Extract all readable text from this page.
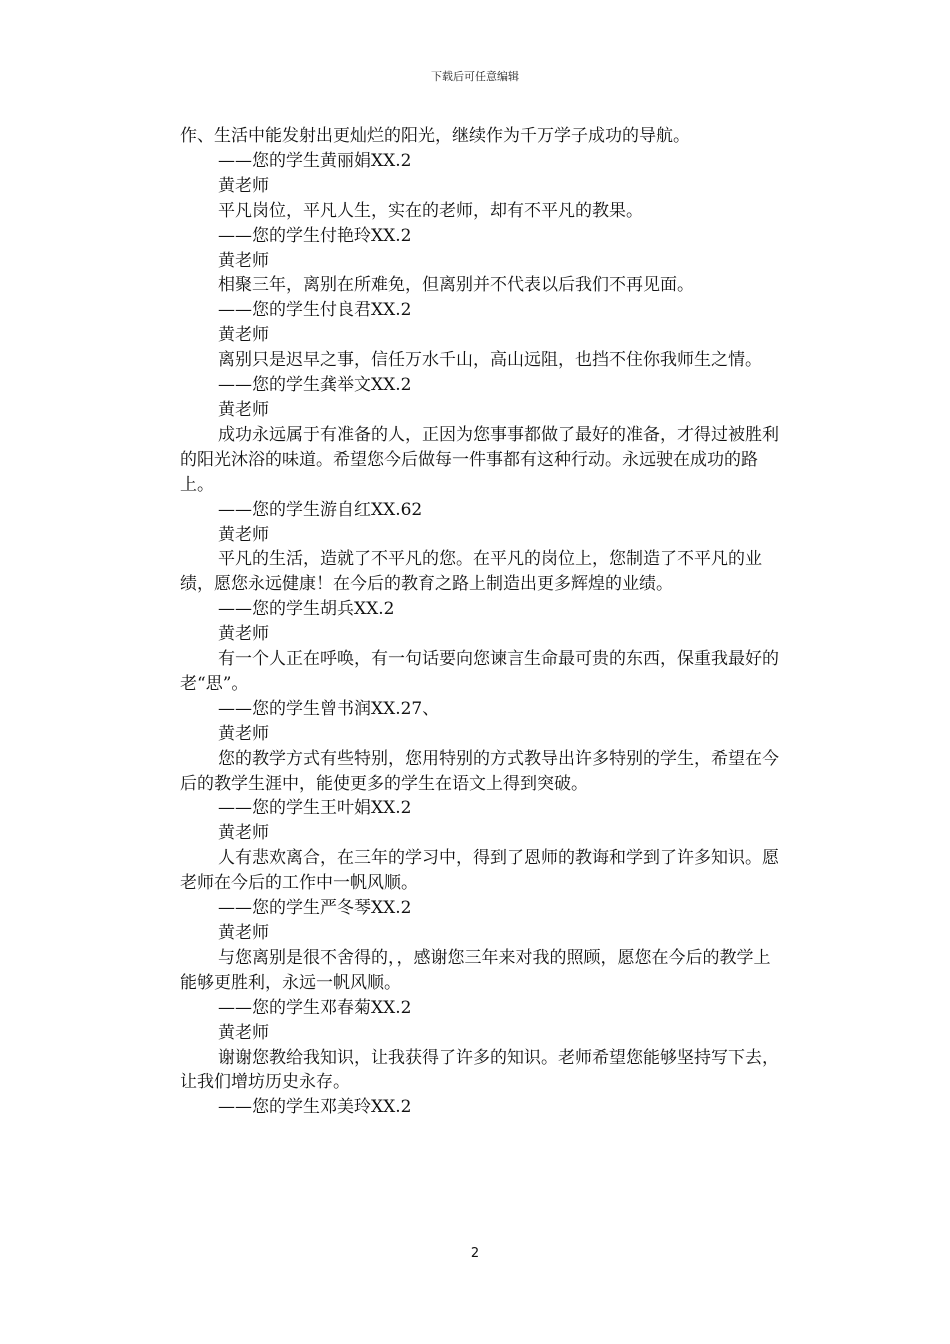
下载后可任意编辑

作、生活中能发射出更灿烂的阳光，继续作为千万学子成功的导航。

——您的学生黄丽娟XX.2

黄老师

平凡岗位，平凡人生，实在的老师，却有不平凡的教果。

——您的学生付艳玲XX.2

黄老师

相聚三年，离别在所难免，但离别并不代表以后我们不再见面。

——您的学生付良君XX.2

黄老师

离别只是迟早之事，信任万水千山，高山远阻，也挡不住你我师生之情。

——您的学生龚举文XX.2

黄老师

成功永远属于有准备的人，正因为您事事都做了最好的准备，才得过被胜利的阳光沐浴的味道。希望您今后做每一件事都有这种行动。永远驶在成功的路上。

——您的学生游自红XX.62

黄老师

平凡的生活，造就了不平凡的您。在平凡的岗位上，您制造了不平凡的业绩，愿您永远健康！在今后的教育之路上制造出更多辉煌的业绩。

——您的学生胡兵XX.2

黄老师

有一个人正在呼唤，有一句话要向您谏言生命最可贵的东西，保重我最好的老“思”。

——您的学生曾书润XX.27、

黄老师

您的教学方式有些特别，您用特别的方式教导出许多特别的学生，希望在今后的教学生涯中，能使更多的学生在语文上得到突破。

——您的学生王叶娟XX.2

黄老师

人有悲欢离合，在三年的学习中，得到了恩师的教诲和学到了许多知识。愿老师在今后的工作中一帆风顺。

——您的学生严冬琴XX.2

黄老师

与您离别是很不舍得的，，感谢您三年来对我的照顾，愿您在今后的教学上能够更胜利，永远一帆风顺。

——您的学生邓春菊XX.2

黄老师

谢谢您教给我知识，让我获得了许多的知识。老师希望您能够坚持写下去，让我们增坊历史永存。

——您的学生邓美玲XX.2

2
